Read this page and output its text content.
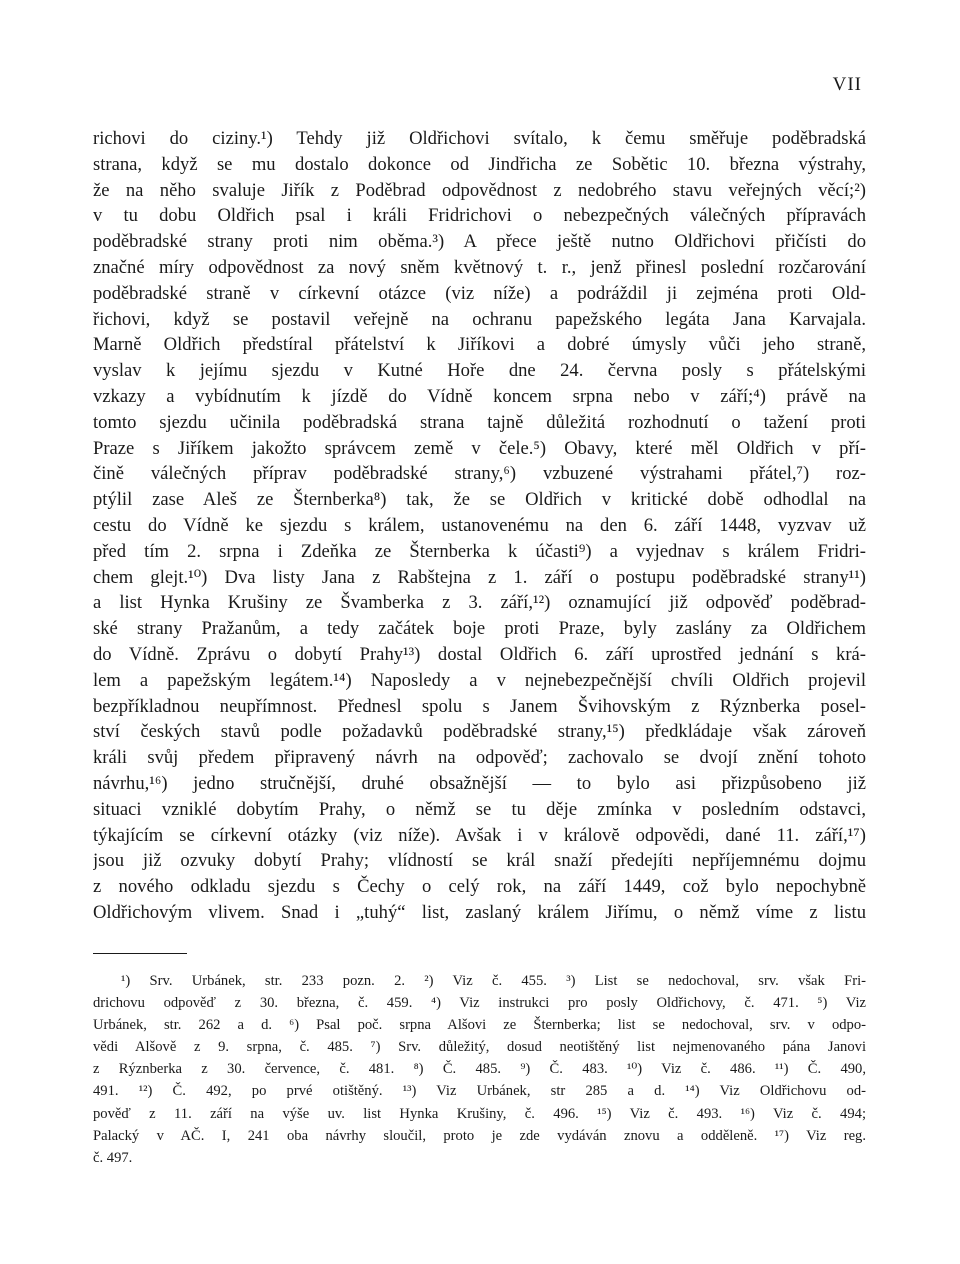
VII
richovi do ciziny.¹) Tehdy již Oldřichovi svítalo, k čemu směřuje poděbradská
strana, když se mu dostalo dokonce od Jindřicha ze Sobětic 10. března výstrahy,
že na něho svaluje Jiřík z Poděbrad odpovědnost z nedobrého stavu veřejných věcí;²)
v tu dobu Oldřich psal i králi Fridrichovi o nebezpečných válečných přípravách
poděbradské strany proti nim oběma.³) A přece ještě nutno Oldřichovi přičísti do
značné míry odpovědnost za nový sněm květnový t. r., jenž přinesl poslední rozčarování
poděbradské straně v církevní otázce (viz níže) a podráždil ji zejména proti Old-
řichovi, když se postavil veřejně na ochranu papežského legáta Jana Karvajala.
Marně Oldřich předstíral přátelství k Jiříkovi a dobré úmysly vůči jeho straně,
vyslav k jejímu sjezdu v Kutné Hoře dne 24. června posly s přátelskými
vzkazy a vybídnutím k jízdě do Vídně koncem srpna nebo v září;⁴) právě na
tomto sjezdu učinila poděbradská strana tajně důležitá rozhodnutí o tažení proti
Praze s Jiříkem jakožto správcem země v čele.⁵) Obavy, které měl Oldřich v pří-
čině válečných příprav poděbradské strany,⁶) vzbuzené výstrahami přátel,⁷) roz-
ptýlil zase Aleš ze Šternberka⁸) tak, že se Oldřich v kritické době odhodlal na
cestu do Vídně ke sjezdu s králem, ustanovenému na den 6. září 1448, vyzvav už
před tím 2. srpna i Zdeňka ze Šternberka k účasti⁹) a vyjednav s králem Fridri-
chem glejt.¹⁰) Dva listy Jana z Rabštejna z 1. září o postupu poděbradské strany¹¹)
a list Hynka Krušiny ze Švamberka z 3. září,¹²) oznamující již odpověď poděbrad-
ské strany Pražanům, a tedy začátek boje proti Praze, byly zaslány za Oldřichem
do Vídně. Zprávu o dobytí Prahy¹³) dostal Oldřich 6. září uprostřed jednání s krá-
lem a papežským legátem.¹⁴) Naposledy a v nejnebezpečnější chvíli Oldřich projevil
bezpříkladnou neupřímnost. Přednesl spolu s Janem Švihovským z Rýznberka posel-
ství českých stavů podle požadavků poděbradské strany,¹⁵) předkládaje však zároveň
králi svůj předem připravený návrh na odpověď; zachovalo se dvojí znění tohoto
návrhu,¹⁶) jedno stručnější, druhé obsažnější — to bylo asi přizpůsobeno již
situaci vzniklé dobytím Prahy, o němž se tu děje zmínka v posledním odstavci,
týkajícím se církevní otázky (viz níže). Avšak i v královĕ odpovědi, dané 11. září,¹⁷)
jsou již ozvuky dobytí Prahy; vlídností se král snaží předejíti nepříjemnému dojmu
z nového odkladu sjezdu s Čechy o celý rok, na září 1449, což bylo nepochybně
Oldřichovým vlivem. Snad i „tuhý“ list, zaslaný králem Jiřímu, o němž víme z listu
¹) Srv. Urbánek, str. 233 pozn. 2. ²) Viz č. 455. ³) List se nedochoval, srv. však Fri-
drichovu odpověď z 30. března, č. 459. ⁴) Viz instrukci pro posly Oldřichovy, č. 471. ⁵) Viz
Urbánek, str. 262 a d. ⁶) Psal poč. srpna Alšovi ze Šternberka; list se nedochoval, srv. v odpo-
vědi Alšově z 9. srpna, č. 485. ⁷) Srv. důležitý, dosud neotištěný list nejmenovaného pána Janovi
z Rýznberka z 30. července, č. 481. ⁸) Č. 485. ⁹) Č. 483. ¹⁰) Viz č. 486. ¹¹) Č. 490,
491. ¹²) Č. 492, po prvé otištěný. ¹³) Viz Urbánek, str 285 a d. ¹⁴) Viz Oldřichovu od-
pověď z 11. září na výše uv. list Hynka Krušiny, č. 496. ¹⁵) Viz č. 493. ¹⁶) Viz č. 494;
Palacký v AČ. I, 241 oba návrhy sloučil, proto je zde vydáván znovu a odděleně. ¹⁷) Viz reg.
č. 497.
